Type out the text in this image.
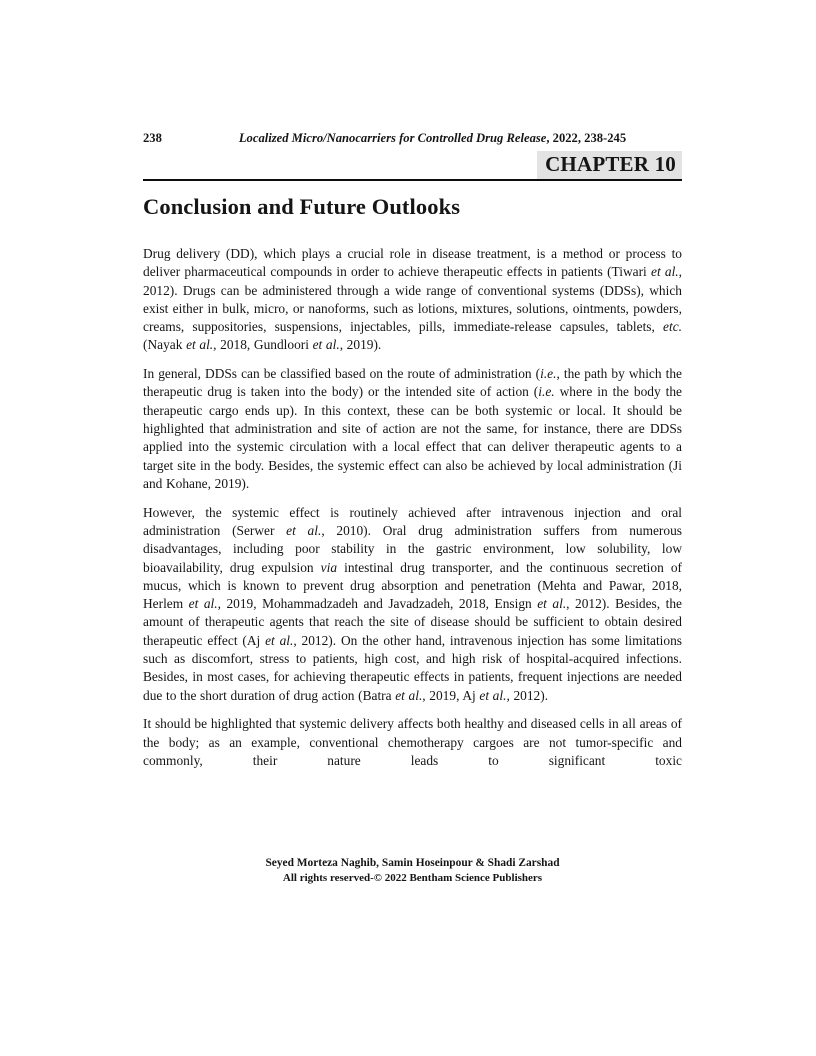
238	Localized Micro/Nanocarriers for Controlled Drug Release, 2022, 238-245
CHAPTER 10
Conclusion and Future Outlooks

Drug delivery (DD), which plays a crucial role in disease treatment, is a method or process to deliver pharmaceutical compounds in order to achieve therapeutic effects in patients (Tiwari et al., 2012). Drugs can be administered through a wide range of conventional systems (DDSs), which exist either in bulk, micro, or nanoforms, such as lotions, mixtures, solutions, ointments, powders, creams, suppositories, suspensions, injectables, pills, immediate-release capsules, tablets, etc. (Nayak et al., 2018, Gundloori et al., 2019).

In general, DDSs can be classified based on the route of administration (i.e., the path by which the therapeutic drug is taken into the body) or the intended site of action (i.e. where in the body the therapeutic cargo ends up). In this context, these can be both systemic or local. It should be highlighted that administration and site of action are not the same, for instance, there are DDSs applied into the systemic circulation with a local effect that can deliver therapeutic agents to a target site in the body. Besides, the systemic effect can also be achieved by local administration (Ji and Kohane, 2019).

However, the systemic effect is routinely achieved after intravenous injection and oral administration (Serwer et al., 2010). Oral drug administration suffers from numerous disadvantages, including poor stability in the gastric environment, low solubility, low bioavailability, drug expulsion via intestinal drug transporter, and the continuous secretion of mucus, which is known to prevent drug absorption and penetration (Mehta and Pawar, 2018, Herlem et al., 2019, Mohammadzadeh and Javadzadeh, 2018, Ensign et al., 2012). Besides, the amount of therapeutic agents that reach the site of disease should be sufficient to obtain desired therapeutic effect (Aj et al., 2012). On the other hand, intravenous injection has some limitations such as discomfort, stress to patients, high cost, and high risk of hospital-acquired infections. Besides, in most cases, for achieving therapeutic effects in patients, frequent injections are needed due to the short duration of drug action (Batra et al., 2019, Aj et al., 2012).

It should be highlighted that systemic delivery affects both healthy and diseased cells in all areas of the body; as an example, conventional chemotherapy cargoes are not tumor-specific and commonly, their nature leads to significant toxic

Seyed Morteza Naghib, Samin Hoseinpour & Shadi Zarshad
All rights reserved-© 2022 Bentham Science Publishers
